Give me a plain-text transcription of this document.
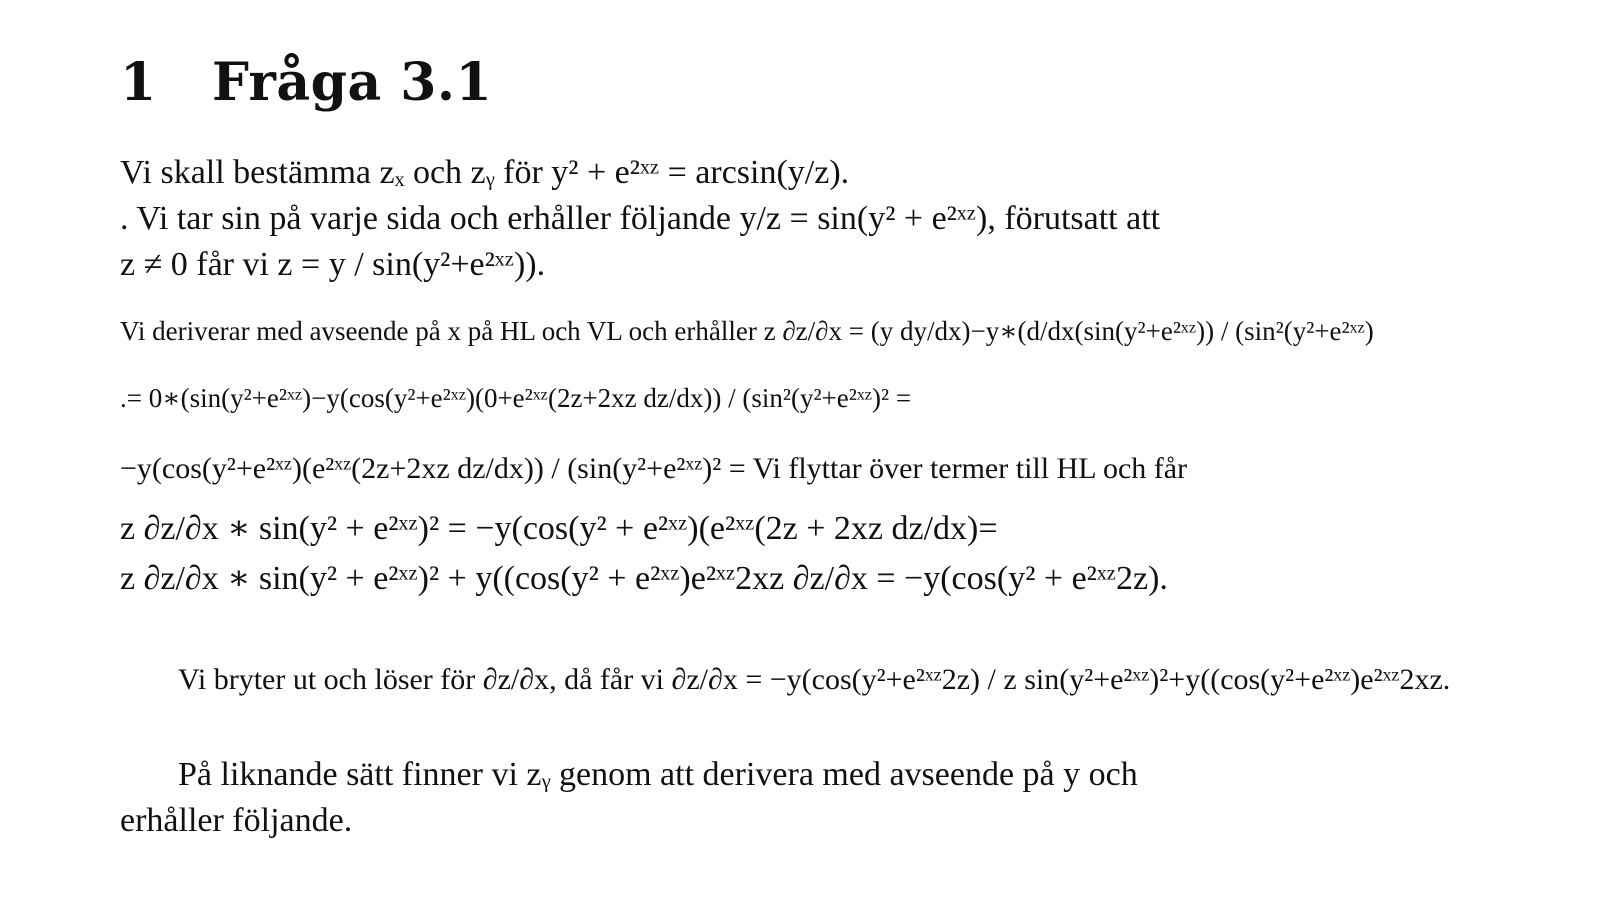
1 Fråga 3.1
Vi skall bestämma zₓ och zᵧ för y² + e²ˣᶻ = arcsin(y/z).
. Vi tar sin på varje sida och erhåller följande y/z = sin(y² + e²ˣᶻ), förutsatt att
z ≠ 0 får vi z = y / sin(y²+e²ˣᶻ)).
Vi deriverar med avseende på x på HL och VL och erhåller z ∂z/∂x = (y dy/dx)−y∗(d/dx(sin(y²+e²ˣᶻ)) / (sin²(y²+e²ˣᶻ)
.= 0∗(sin(y²+e²ˣᶻ)−y(cos(y²+e²ˣᶻ)(0+e²ˣᶻ(2z+2xz dz/dx)) / (sin²(y²+e²ˣᶻ)² =
−y(cos(y²+e²ˣᶻ)(e²ˣᶻ(2z+2xz dz/dx)) / (sin(y²+e²ˣᶻ)² = Vi flyttar över termer till HL och får
z ∂z/∂x ∗ sin(y² + e²ˣᶻ)² = −y(cos(y² + e²ˣᶻ)(e²ˣᶻ(2z + 2xz dz/dx)=
z ∂z/∂x ∗ sin(y² + e²ˣᶻ)² + y((cos(y² + e²ˣᶻ)e²ˣᶻ2xz ∂z/∂x = −y(cos(y² + e²ˣᶻ2z).
Vi bryter ut och löser för ∂z/∂x, då får vi ∂z/∂x = −y(cos(y²+e²ˣᶻ2z) / z sin(y²+e²ˣᶻ)²+y((cos(y²+e²ˣᶻ)e²ˣᶻ2xz.
På liknande sätt finner vi zᵧ genom att derivera med avseende på y och
erhåller följande.
